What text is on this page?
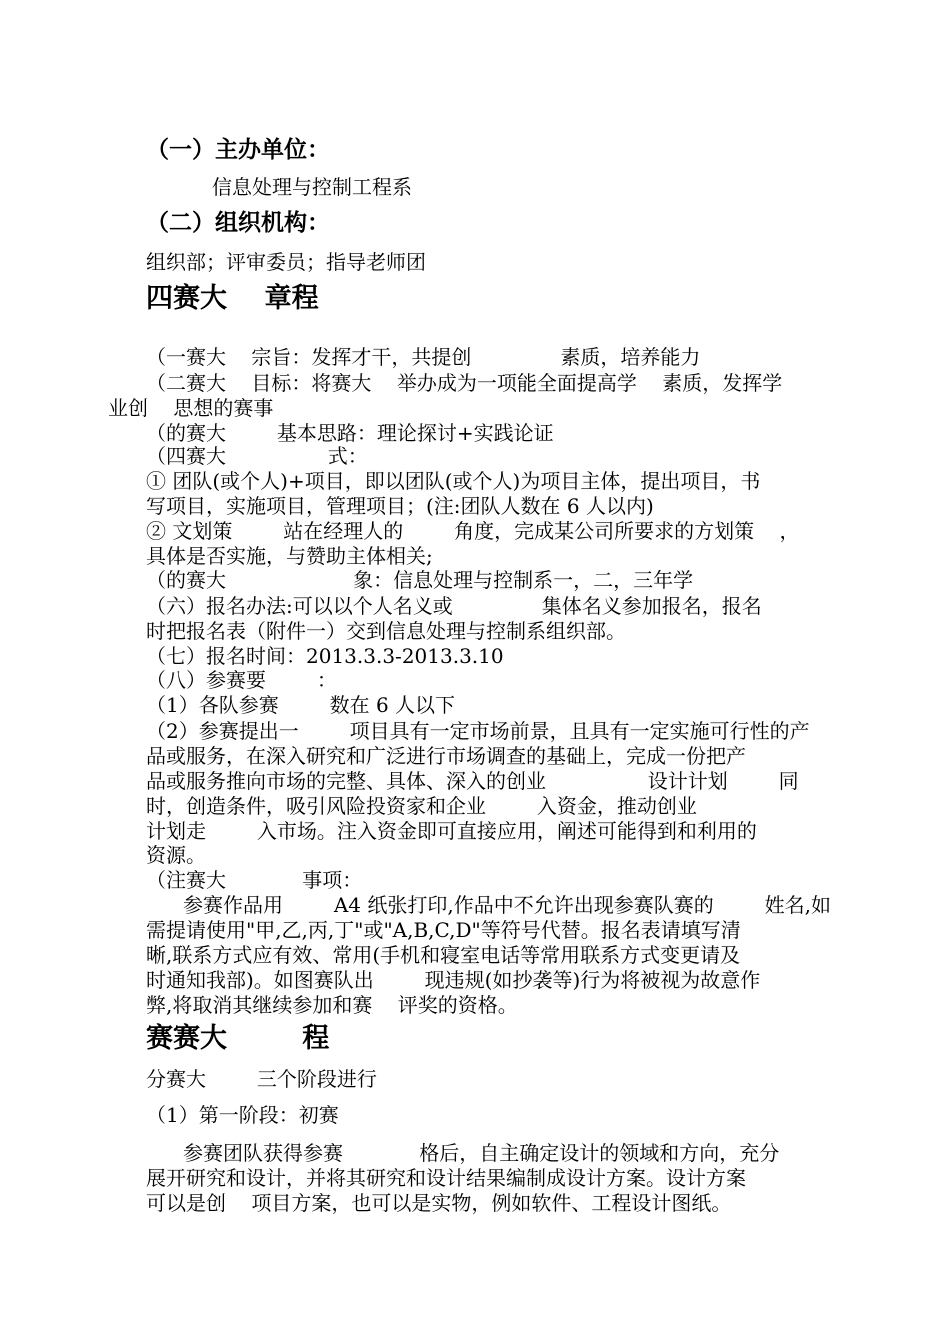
（一）主办单位：
信息处理与控制工程系
（二）组织机构：
组织部；评审委员；指导老师团
四赛大    章程
（一赛大    宗旨：发挥才干，共提创              素质，培养能力
（二赛大    目标：将赛大    举办成为一项能全面提高学    素质，发挥学
业创    思想的赛事
（的赛大        基本思路：理论探讨+实践论证
（四赛大                式：
① 团队(或个人)+项目，即以团队(或个人)为项目主体，提出项目，书
写项目，实施项目，管理项目；(注:团队人数在 6 人以内)
② 文划策        站在经理人的        角度，完成某公司所要求的方划策    ，
具体是否实施，与赞助主体相关;
（的赛大                    象：信息处理与控制系一，二，三年学
（六）报名办法:可以以个人名义或              集体名义参加报名，报名
时把报名表（附件一）交到信息处理与控制系组织部。
（七）报名时间：2013.3.3-2013.3.10
（八）参赛要        ：
（1）各队参赛        数在 6 人以下
（2）参赛提出一        项目具有一定市场前景，且具有一定实施可行性的产
品或服务，在深入研究和广泛进行市场调查的基础上，完成一份把产
品或服务推向市场的完整、具体、深入的创业                设计计划        同
时，创造条件，吸引风险投资家和企业        入资金，推动创业
计划走        入市场。注入资金即可直接应用，阐述可能得到和利用的
资源。
（注赛大            事项：
参赛作品用        A4 纸张打印,作品中不允许出现参赛队赛的        姓名,如
需提请使用"甲,乙,丙,丁"或"A,B,C,D"等符号代替。报名表请填写清
晰,联系方式应有效、常用(手机和寝室电话等常用联系方式变更请及
时通知我部)。如图赛队出        现违规(如抄袭等)行为将被视为故意作
弊,将取消其继续参加和赛    评奖的资格。
赛赛大        程
分赛大        三个阶段进行
（1）第一阶段：初赛
参赛团队获得参赛            格后，自主确定设计的领域和方向，充分
展开研究和设计，并将其研究和设计结果编制成设计方案。设计方案
可以是创    项目方案，也可以是实物，例如软件、工程设计图纸。
